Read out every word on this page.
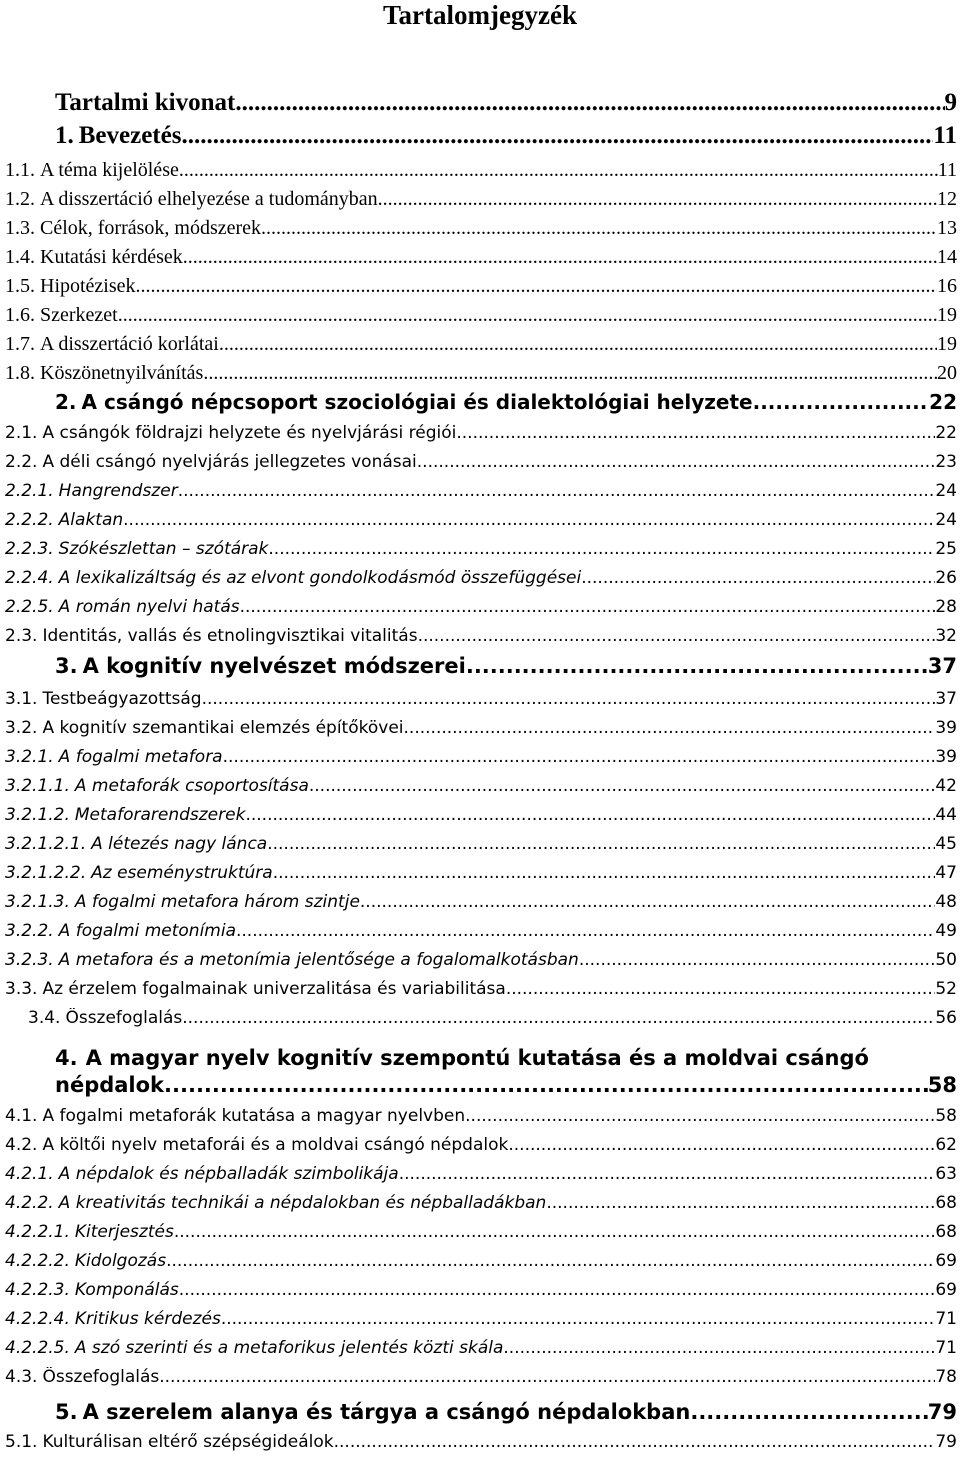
Tartalomjegyzék
Tartalmi kivonat .....	9
1. Bevezetés .....	11
1.1. A téma kijelölése .....	11
1.2. A disszertáció elhelyezése a tudományban .....	12
1.3. Célok, források, módszerek .....	13
1.4. Kutatási kérdések .....	14
1.5. Hipotézisek .....	16
1.6. Szerkezet .....	19
1.7. A disszertáció korlátai .....	19
1.8. Köszönetnyilvánítás .....	20
2. A csángó népcsoport szociológiai és dialektológiai helyzete .....	22
2.1. A csángók földrajzi helyzete és nyelvjárási régiói .....	22
2.2. A déli csángó nyelvjárás jellegzetes vonásai .....	23
2.2.1. Hangrendszer .....	24
2.2.2. Alaktan .....	24
2.2.3. Szókészlettan – szótárak .....	25
2.2.4. A lexikalizáltság és az elvont gondolkodásmód összefüggései .....	26
2.2.5. A román nyelvi hatás .....	28
2.3. Identitás, vallás és etnolingvisztikai vitalitás .....	32
3. A kognitív nyelvészet módszerei .....	37
3.1. Testbeágyazottság .....	37
3.2. A kognitív szemantikai elemzés építőkövei .....	39
3.2.1. A fogalmi metafora .....	39
3.2.1.1. A metaforák csoportosítása .....	42
3.2.1.2. Metaforarendszerek .....	44
3.2.1.2.1. A létezés nagy lánca .....	45
3.2.1.2.2. Az eseménystruktúra .....	47
3.2.1.3. A fogalmi metafora három szintje .....	48
3.2.2. A fogalmi metonímia .....	49
3.2.3. A metafora és a metonímia jelentősége a fogalomalkotásban .....	50
3.3. Az érzelem fogalmainak univerzalitása és variabilitása .....	52
3.4. Összefoglalás .....	56
4. A magyar nyelv kognitív szempontú kutatása és a moldvai csángó
népdalok .....	58
4.1. A fogalmi metaforák kutatása a magyar nyelvben .....	58
4.2. A költői nyelv metaforái és a moldvai csángó népdalok .....	62
4.2.1. A népdalok és népballadák szimbolikája .....	63
4.2.2. A kreativitás technikái a népdalokban és népballadákban .....	68
4.2.2.1. Kiterjesztés .....	68
4.2.2.2. Kidolgozás .....	69
4.2.2.3. Komponálás .....	69
4.2.2.4. Kritikus kérdezés .....	71
4.2.2.5. A szó szerinti és a metaforikus jelentés közti skála .....	71
4.3. Összefoglalás .....	78
5. A szerelem alanya és tárgya a csángó népdalokban .....	79
5.1. Kulturálisan eltérő szépségideálok .....	79
